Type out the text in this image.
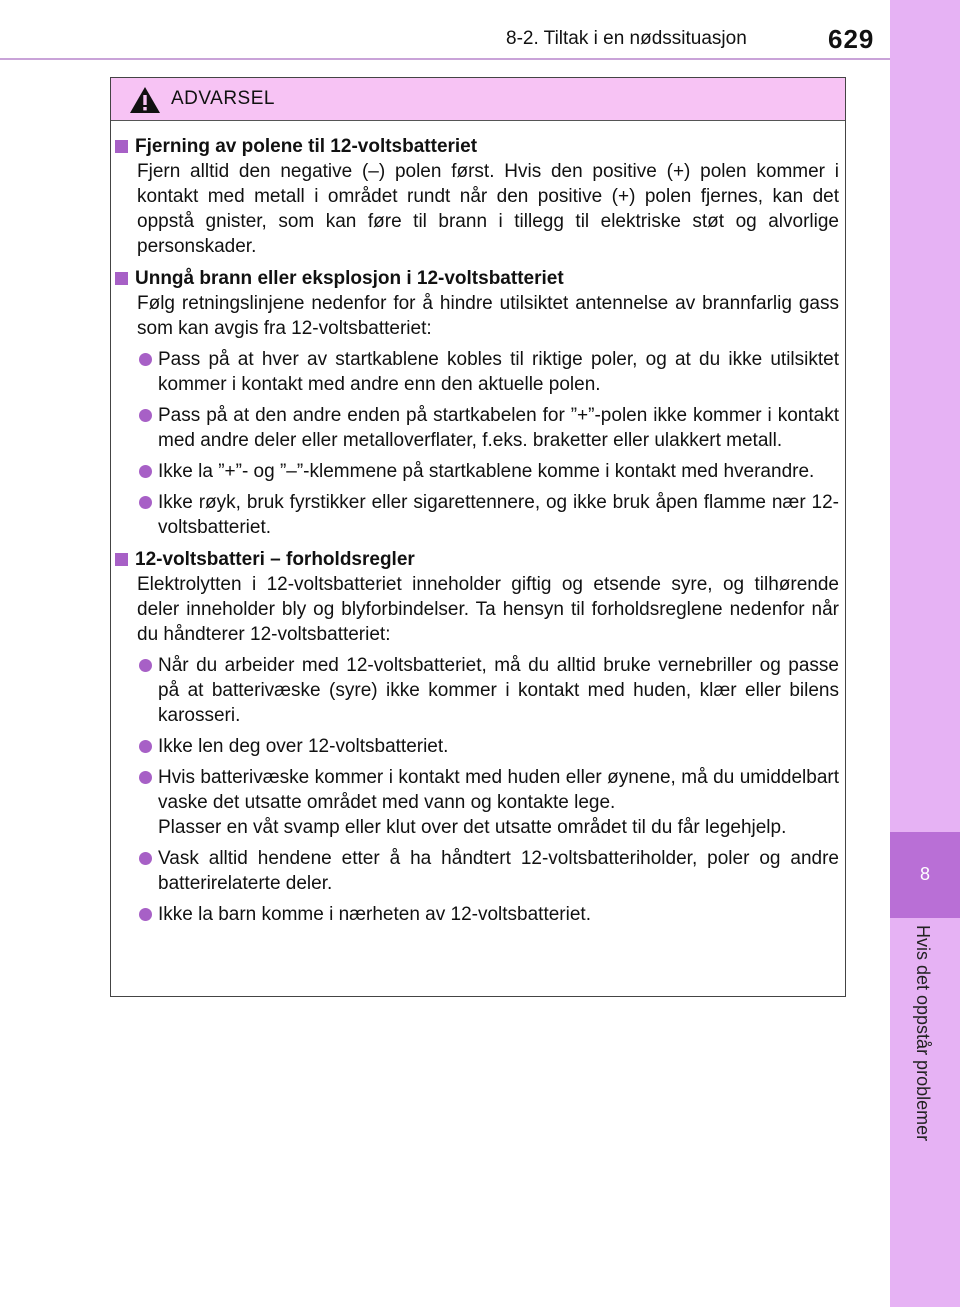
8-2. Tiltak i en nødssituasjon	629
8
Hvis det oppstår problemer
ADVARSEL
Fjerning av polene til 12-voltsbatteriet
Fjern alltid den negative (–) polen først. Hvis den positive (+) polen kommer i kontakt med metall i området rundt når den positive (+) polen fjernes, kan det oppstå gnister, som kan føre til brann i tillegg til elektriske støt og alvorlige personskader.
Unngå brann eller eksplosjon i 12-voltsbatteriet
Følg retningslinjene nedenfor for å hindre utilsiktet antennelse av brannfarlig gass som kan avgis fra 12-voltsbatteriet:
Pass på at hver av startkablene kobles til riktige poler, og at du ikke utilsiktet kommer i kontakt med andre enn den aktuelle polen.
Pass på at den andre enden på startkabelen for ”+”-polen ikke kommer i kontakt med andre deler eller metalloverflater, f.eks. braketter eller ulakkert metall.
Ikke la ”+”- og ”–”-klemmene på startkablene komme i kontakt med hverandre.
Ikke røyk, bruk fyrstikker eller sigarettennere, og ikke bruk åpen flamme nær 12-voltsbatteriet.
12-voltsbatteri – forholdsregler
Elektrolytten i 12-voltsbatteriet inneholder giftig og etsende syre, og tilhørende deler inneholder bly og blyforbindelser. Ta hensyn til forholdsreglene nedenfor når du håndterer 12-voltsbatteriet:
Når du arbeider med 12-voltsbatteriet, må du alltid bruke vernebriller og passe på at batterivæske (syre) ikke kommer i kontakt med huden, klær eller bilens karosseri.
Ikke len deg over 12-voltsbatteriet.
Hvis batterivæske kommer i kontakt med huden eller øynene, må du umiddelbart vaske det utsatte området med vann og kontakte lege.
Plasser en våt svamp eller klut over det utsatte området til du får legehjelp.
Vask alltid hendene etter å ha håndtert 12-voltsbatteriholder, poler og andre batterirelaterte deler.
Ikke la barn komme i nærheten av 12-voltsbatteriet.
